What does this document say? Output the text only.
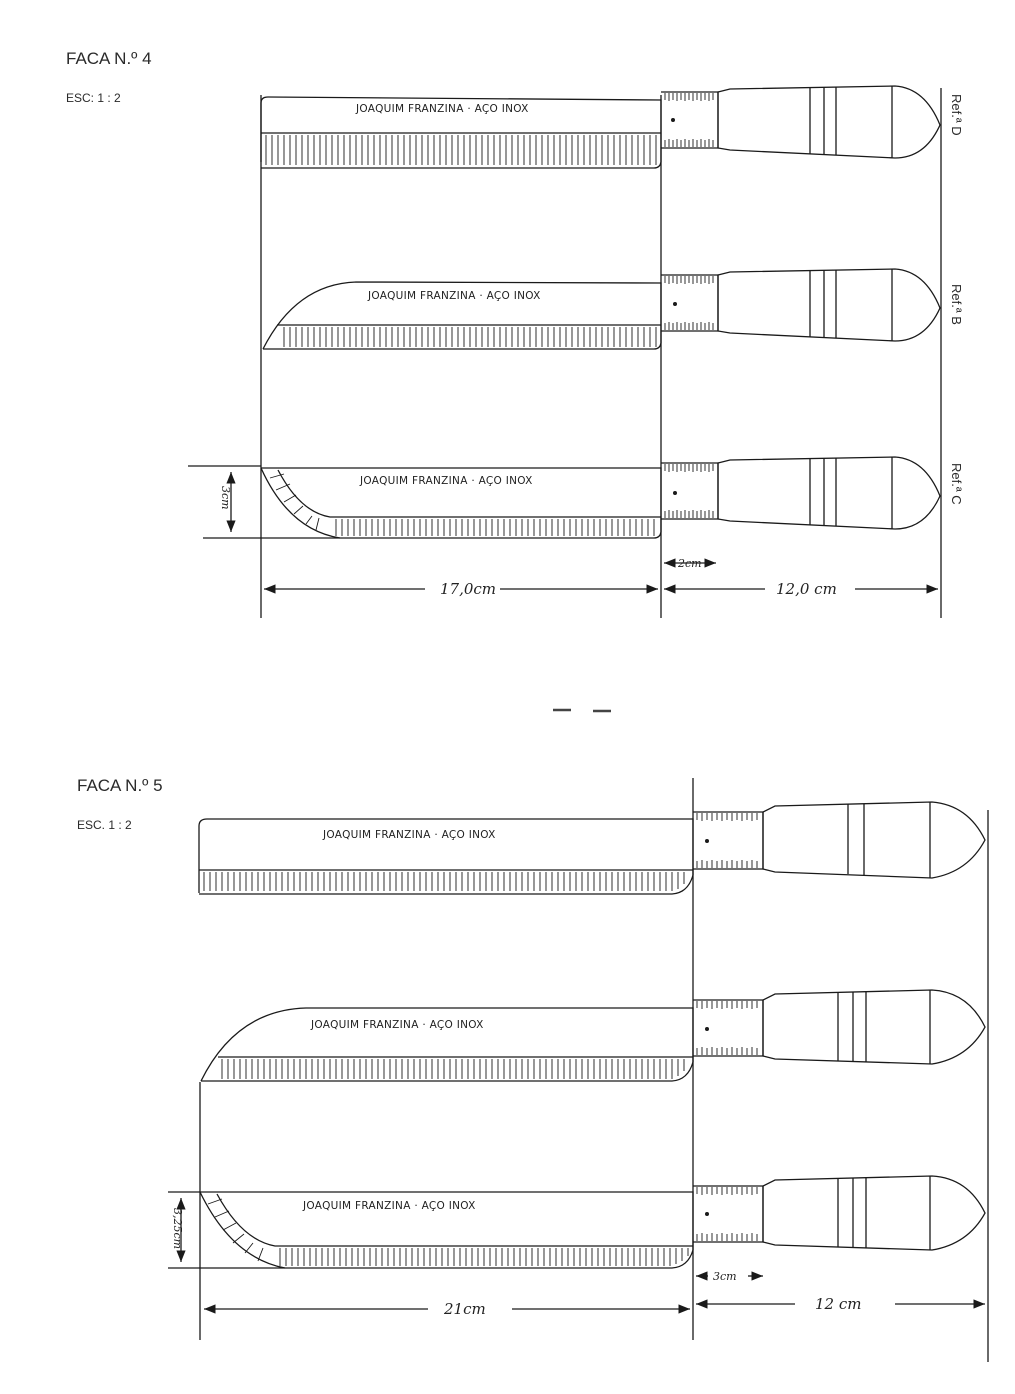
FACA N.º 4
ESC: 1 : 2
JOAQUIM FRANZINA · AÇO INOX	Ref.ª D
JOAQUIM FRANZINA · AÇO INOX	Ref.ª B
JOAQUIM FRANZINA · AÇO INOX	Ref.ª C
3cm
2cm
17,0cm	12,0 cm
FACA N.º 5
ESC. 1 : 2
JOAQUIM FRANZINA · AÇO INOX
JOAQUIM FRANZINA · AÇO INOX
JOAQUIM FRANZINA · AÇO INOX
3,25cm
3cm
21cm	12 cm
